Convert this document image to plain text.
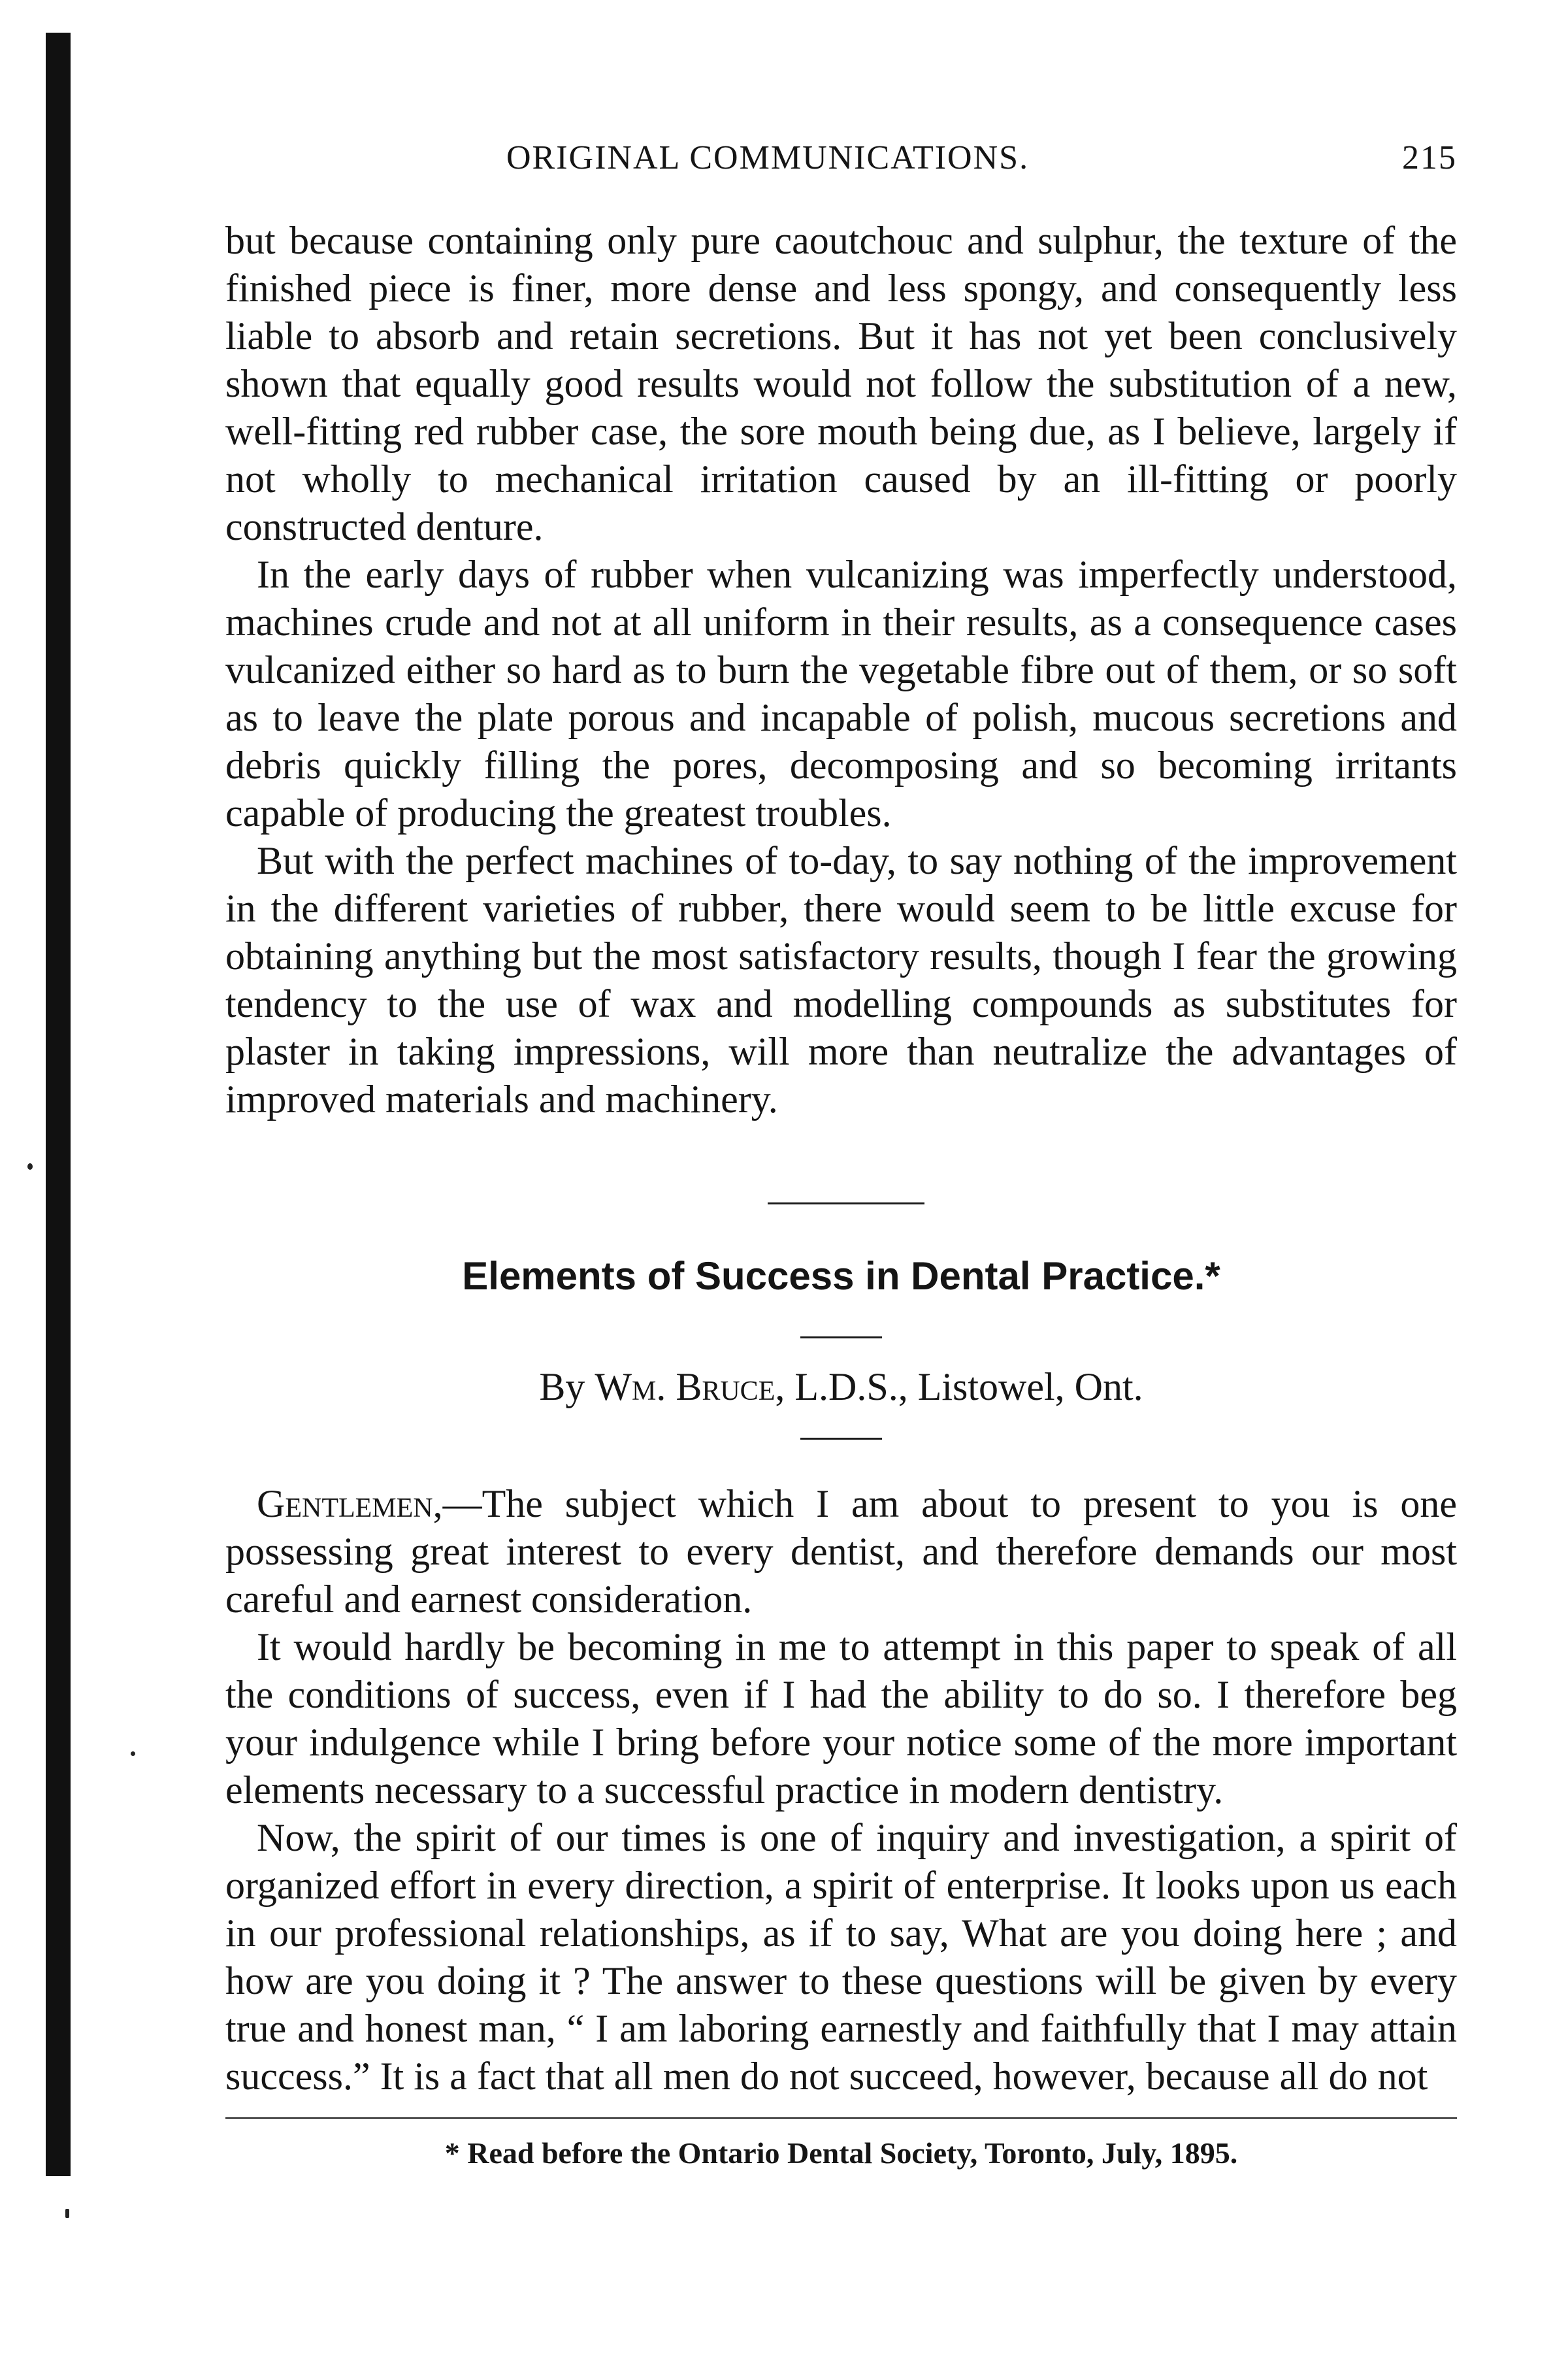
ORIGINAL COMMUNICATIONS.	215

but because containing only pure caoutchouc and sulphur, the texture of the finished piece is finer, more dense and less spongy, and consequently less liable to absorb and retain secretions. But it has not yet been conclusively shown that equally good results would not follow the substitution of a new, well-fitting red rubber case, the sore mouth being due, as I believe, largely if not wholly to mechanical irritation caused by an ill-fitting or poorly constructed denture.

In the early days of rubber when vulcanizing was imperfectly understood, machines crude and not at all uniform in their results, as a consequence cases vulcanized either so hard as to burn the vegetable fibre out of them, or so soft as to leave the plate porous and incapable of polish, mucous secretions and debris quickly filling the pores, decomposing and so becoming irritants capable of producing the greatest troubles.

But with the perfect machines of to-day, to say nothing of the improvement in the different varieties of rubber, there would seem to be little excuse for obtaining anything but the most satisfactory results, though I fear the growing tendency to the use of wax and modelling compounds as substitutes for plaster in taking impressions, will more than neutralize the advantages of improved materials and machinery.

Elements of Success in Dental Practice.*
By Wm. Bruce, L.D.S., Listowel, Ont.

Gentlemen,—The subject which I am about to present to you is one possessing great interest to every dentist, and therefore demands our most careful and earnest consideration.

It would hardly be becoming in me to attempt in this paper to speak of all the conditions of success, even if I had the ability to do so. I therefore beg your indulgence while I bring before your notice some of the more important elements necessary to a successful practice in modern dentistry.

Now, the spirit of our times is one of inquiry and investigation, a spirit of organized effort in every direction, a spirit of enterprise. It looks upon us each in our professional relationships, as if to say, What are you doing here ; and how are you doing it ? The answer to these questions will be given by every true and honest man, “ I am laboring earnestly and faithfully that I may attain success.” It is a fact that all men do not succeed, however, because all do not

* Read before the Ontario Dental Society, Toronto, July, 1895.
